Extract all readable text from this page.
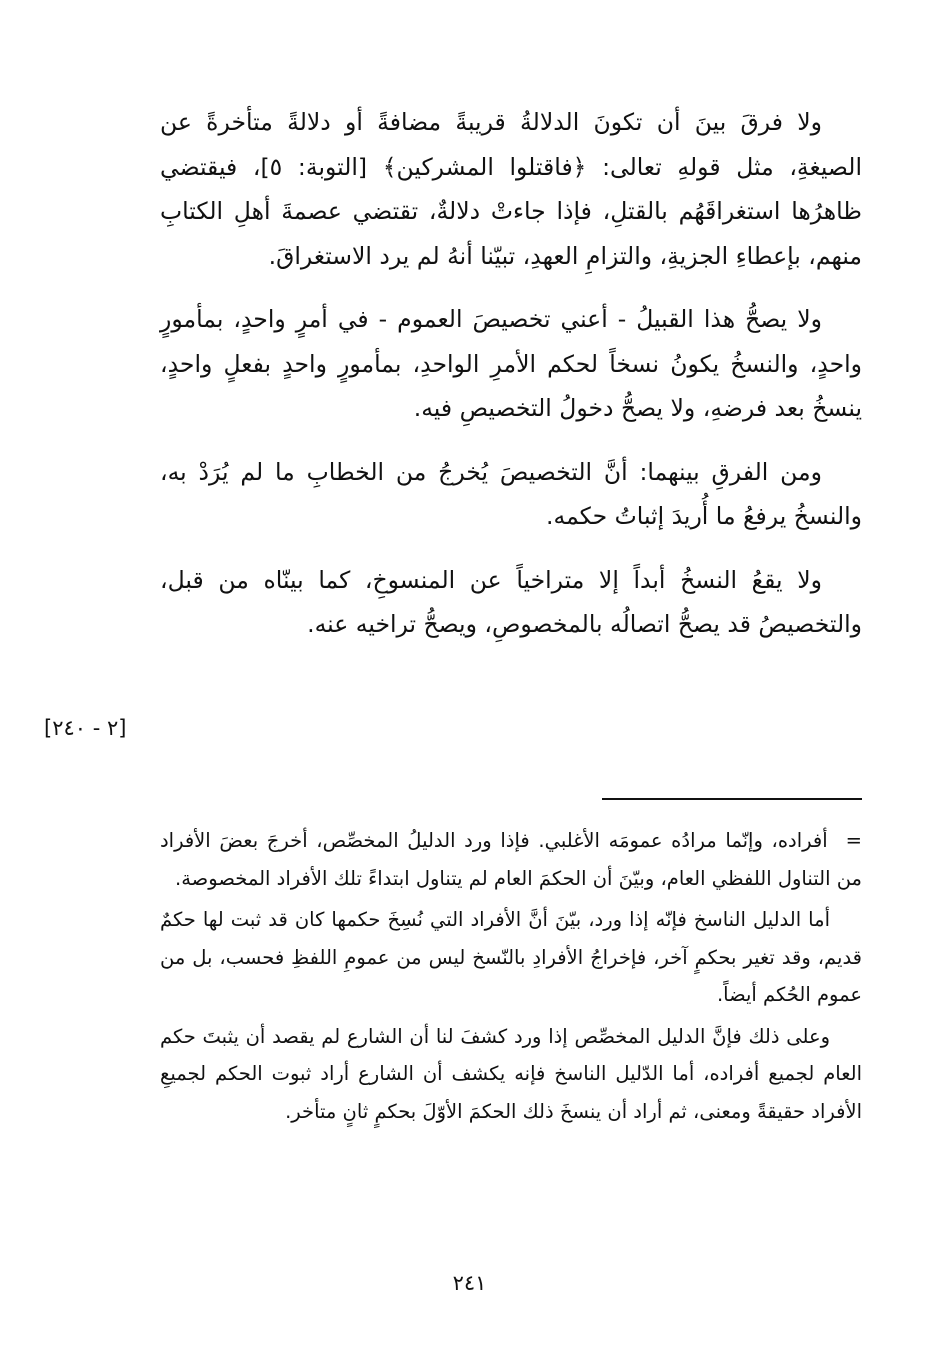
ولا فرقَ بينَ أن تكونَ الدلالةُ قريبةً مضافةً أو دلالةً متأخرةً عن الصيغةِ، مثل قولهِ تعالى: ﴿فاقتلوا المشركين﴾ [التوبة: ٥]، فيقتضي ظاهرُها استغراقَهُم بالقتلِ، فإذا جاءتْ دلالةٌ، تقتضي عصمةَ أهلِ الكتابِ منهم، بإعطاءِ الجزيةِ، والتزامِ العهدِ، تبيّنا أنهُ لم يرد الاستغراقَ.

ولا يصحُّ هذا القبيلُ - أعني تخصيصَ العموم - في أمرٍ واحدٍ، بمأمورٍ واحدٍ، والنسخُ يكونُ نسخاً لحكم الأمرِ الواحدِ، بمأمورٍ واحدٍ بفعلٍ واحدٍ، ينسخُ بعد فرضهِ، ولا يصحُّ دخولُ التخصيصِ فيه.

ومن الفرقِ بينهما: أنَّ التخصيصَ يُخرجُ من الخطابِ ما لم يُرَدْ به، والنسخُ يرفعُ ما أُريدَ إثباتُ حكمه.

ولا يقعُ النسخُ أبداً إلا متراخياً عن المنسوخِ، كما بينّاه من قبل، والتخصيصُ قد يصحُّ اتصالُه بالمخصوصِ، ويصحُّ تراخيه عنه.

[٢ - ٢٤٠]

=أفراده، وإنّما مرادُه عمومَه الأغلبي. فإذا ورد الدليلُ المخصِّص، أخرجَ بعضَ الأفراد من التناول اللفظي العام، وبيّنَ أن الحكمَ العام لم يتناول ابتداءً تلك الأفراد المخصوصة.

أما الدليل الناسخ فإنّه إذا ورد، بيّنَ أنَّ الأفراد التي نُسِخَ حكمها كان قد ثبت لها حكمٌ قديم، وقد تغير بحكمٍ آخر، فإخراجُ الأفرادِ بالنّسخ ليس من عمومِ اللفظِ فحسب، بل من عموم الحُكم أيضاً.

وعلى ذلك فإنَّ الدليل المخصِّص إذا ورد كشفَ لنا أن الشارع لم يقصد أن يثبتَ حكم العام لجميع أفراده، أما الدّليل الناسخ فإنه يكشف أن الشارع أراد ثبوت الحكم لجميعِ الأفراد حقيقةً ومعنى، ثم أراد أن ينسخَ ذلك الحكمَ الأوّلَ بحكمٍ ثانٍ متأخر.

٢٤١
